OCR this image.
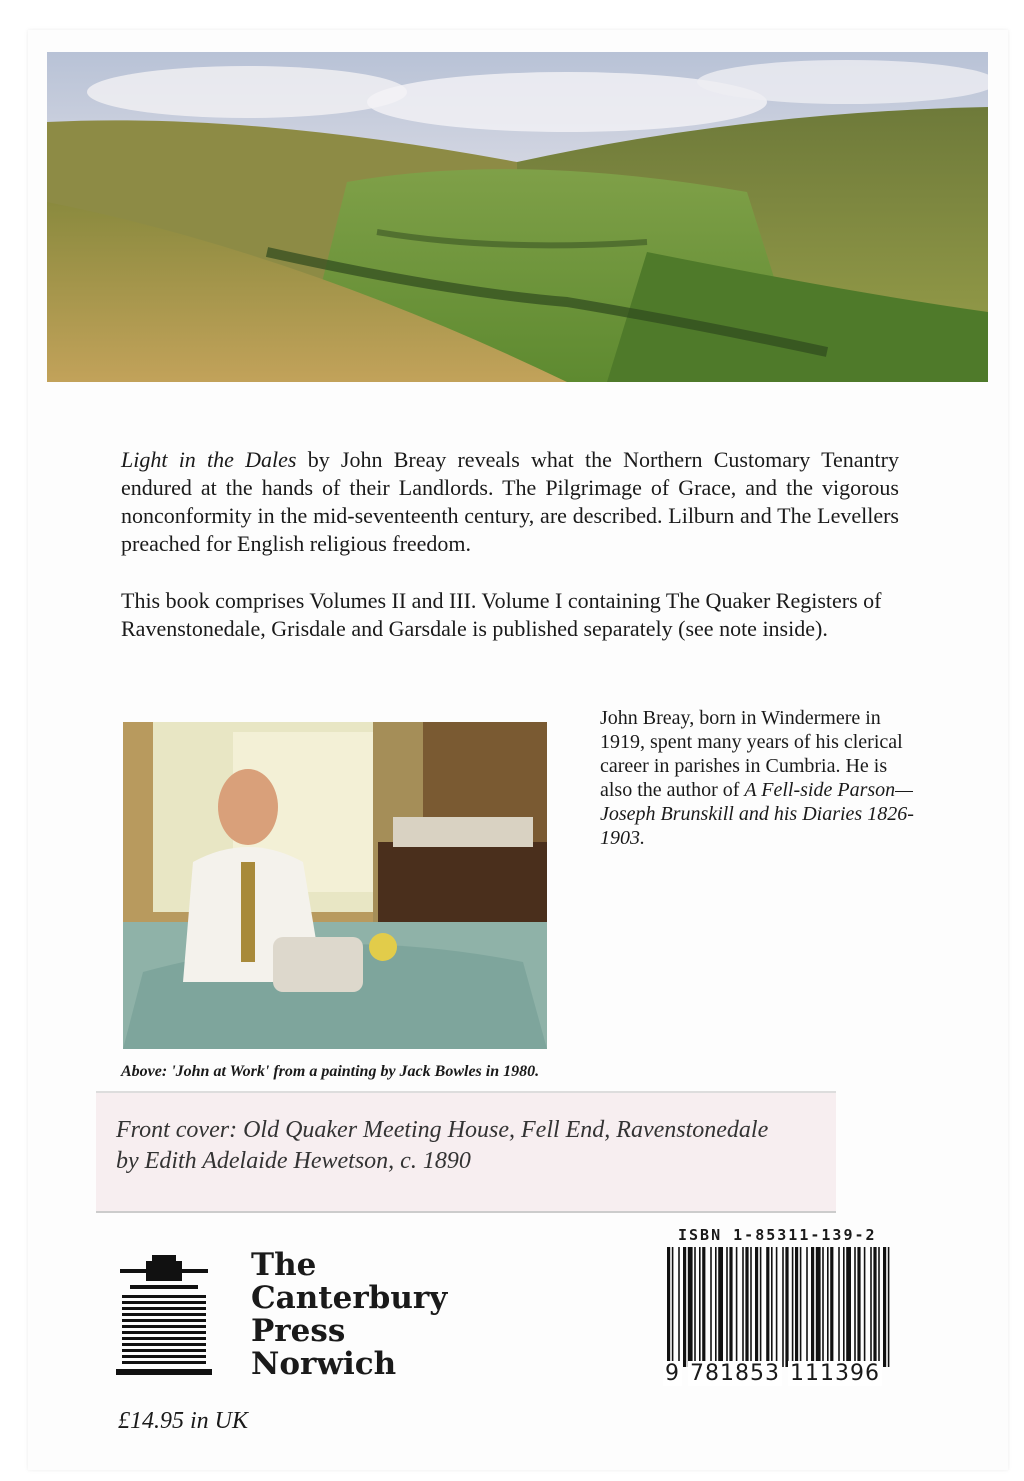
Light in the Dales by John Breay reveals what the Northern Customary Tenantry endured at the hands of their Landlords. The Pilgrimage of Grace, and the vigorous nonconformity in the mid-seventeenth century, are described. Lilburn and The Levellers preached for English religious freedom.

This book comprises Volumes II and III. Volume I containing The Quaker Registers of Ravenstonedale, Grisdale and Garsdale is published separately (see note inside).

John Breay, born in Windermere in 1919, spent many years of his clerical career in parishes in Cumbria. He is also the author of A Fell-side Parson—Joseph Brunskill and his Diaries 1826-1903.

Above: 'John at Work' from a painting by Jack Bowles in 1980.

Front cover: Old Quaker Meeting House, Fell End, Ravenstonedale
by Edith Adelaide Hewetson, c. 1890

The
Canterbury
Press
Norwich

ISBN 1-85311-139-2

9 781853 111396

£14.95 in UK
